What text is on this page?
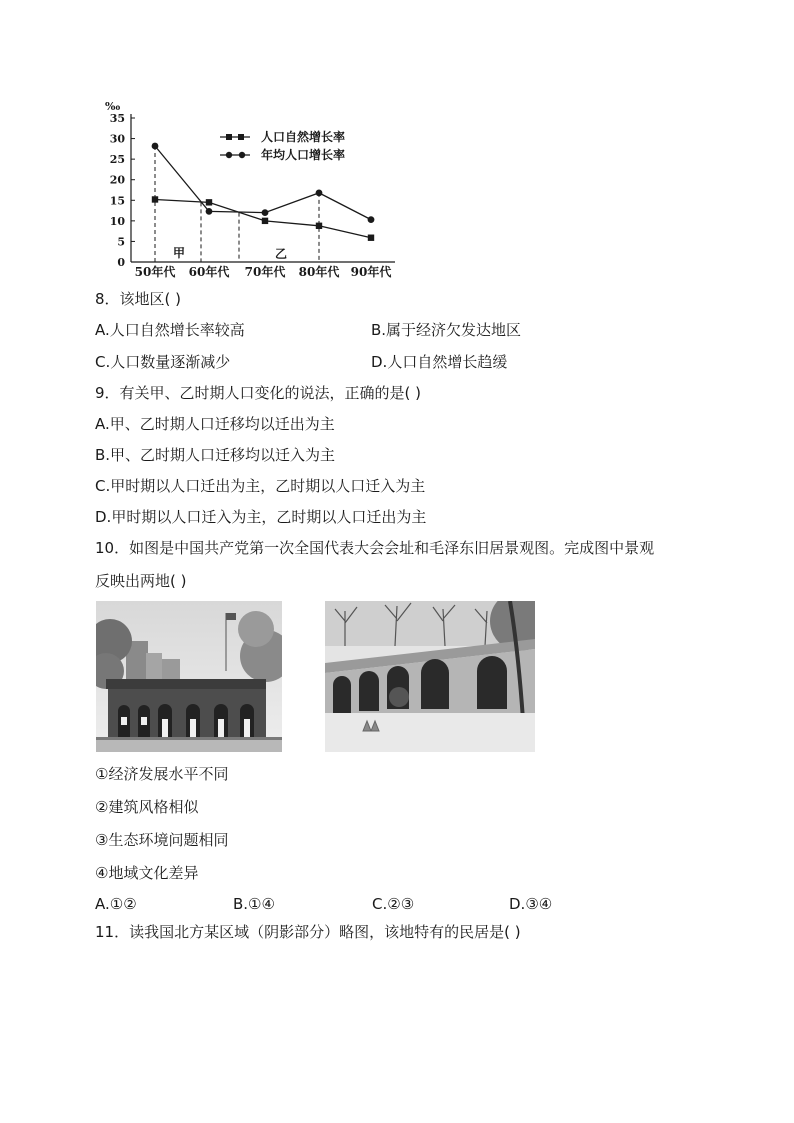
0
5
10
15
20
25
30
35
50年代 60年代 70年代 80年代 90年代
‰
甲	乙
人口自然增长率
年均人口增长率
8．该地区( )
A.人口自然增长率较高	B.属于经济欠发达地区
C.人口数量逐渐减少	D.人口自然增长趋缓
9．有关甲、乙时期人口变化的说法，正确的是( )
A.甲、乙时期人口迁移均以迁出为主
B.甲、乙时期人口迁移均以迁入为主
C.甲时期以人口迁出为主，乙时期以人口迁入为主
D.甲时期以人口迁入为主，乙时期以人口迁出为主
10．如图是中国共产党第一次全国代表大会会址和毛泽东旧居景观图。完成图中景观
反映出两地( )
①经济发展水平不同
②建筑风格相似
③生态环境问题相同
④地域文化差异
A.①②	B.①④	C.②③	D.③④
11．读我国北方某区域（阴影部分）略图，该地特有的民居是( )
